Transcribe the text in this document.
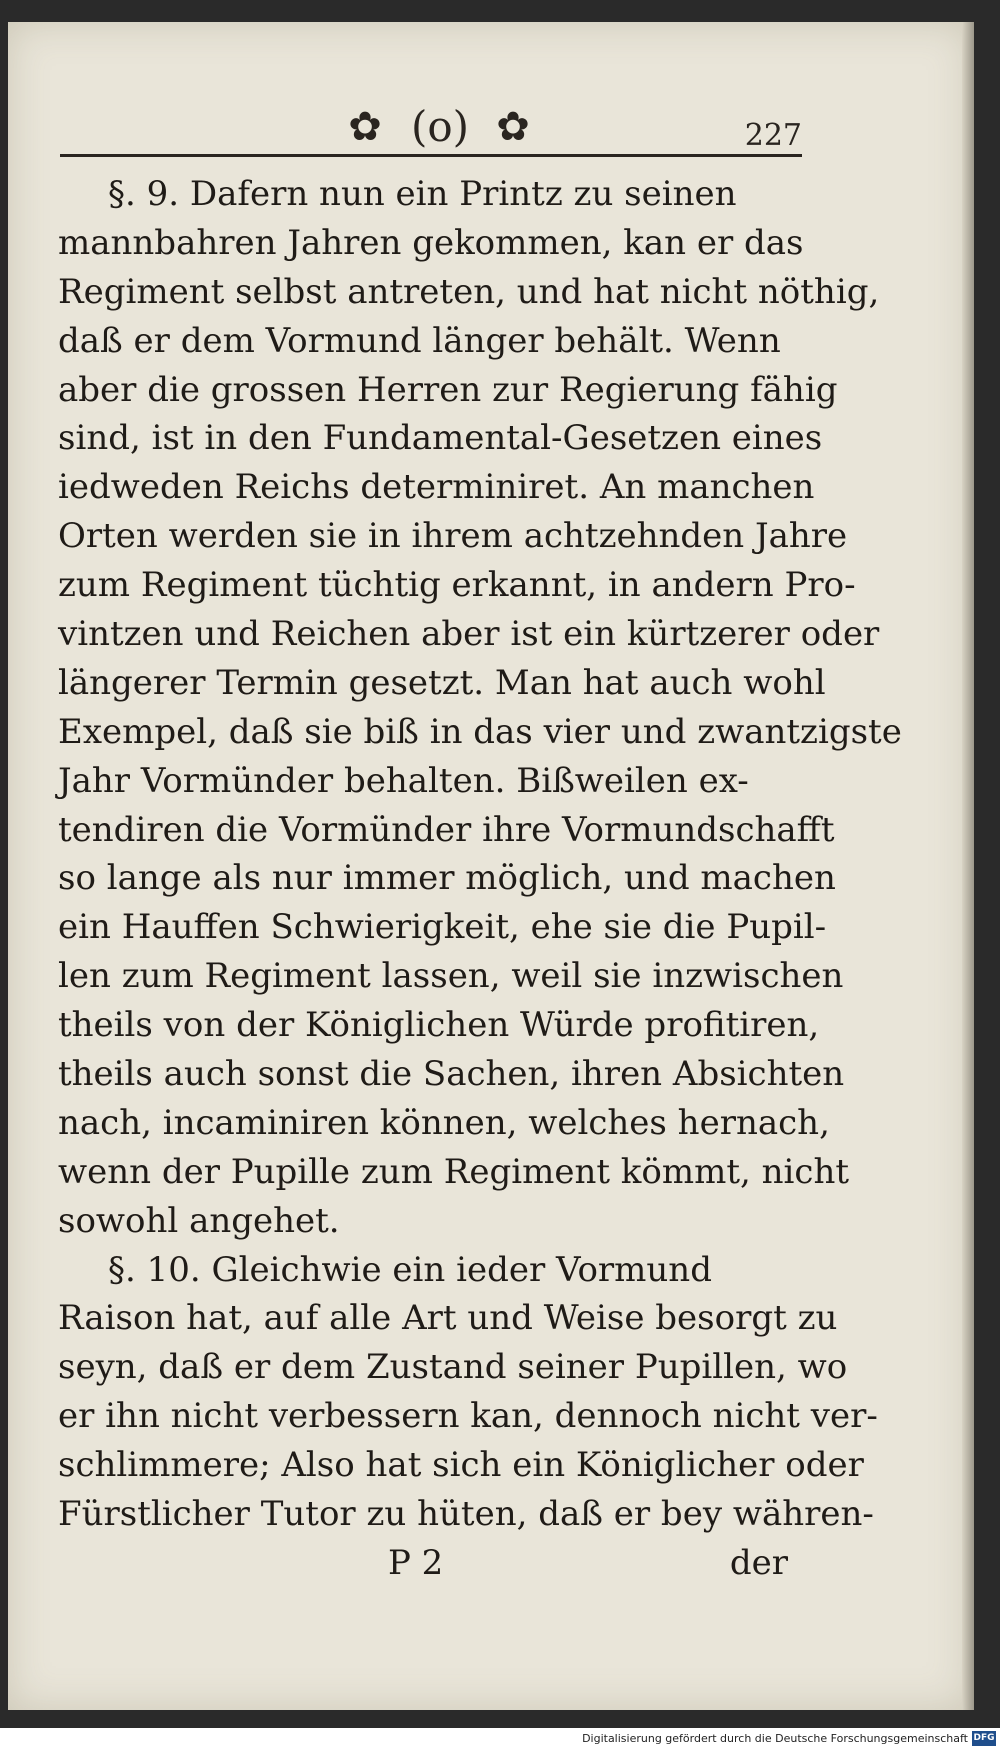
✿ (o) ✿	227
§. 9. Dafern nun ein Printz zu seinen
mannbahren Jahren gekommen, kan er das
Regiment selbst antreten, und hat nicht nöthig,
daß er dem Vormund länger behält. Wenn
aber die grossen Herren zur Regierung fähig
sind, ist in den Fundamental-Gesetzen eines
iedweden Reichs determiniret. An manchen
Orten werden sie in ihrem achtzehnden Jahre
zum Regiment tüchtig erkannt, in andern Pro-
vintzen und Reichen aber ist ein kürtzerer oder
längerer Termin gesetzt. Man hat auch wohl
Exempel, daß sie biß in das vier und zwantzigste
Jahr Vormünder behalten. Bißweilen ex-
tendiren die Vormünder ihre Vormundschafft
so lange als nur immer möglich, und machen
ein Hauffen Schwierigkeit, ehe sie die Pupil-
len zum Regiment lassen, weil sie inzwischen
theils von der Königlichen Würde profitiren,
theils auch sonst die Sachen, ihren Absichten
nach, incaminiren können, welches hernach,
wenn der Pupille zum Regiment kömmt, nicht
sowohl angehet.
§. 10. Gleichwie ein ieder Vormund
Raison hat, auf alle Art und Weise besorgt zu
seyn, daß er dem Zustand seiner Pupillen, wo
er ihn nicht verbessern kan, dennoch nicht ver-
schlimmere; Also hat sich ein Königlicher oder
Fürstlicher Tutor zu hüten, daß er bey währen-
P 2	der
Digitalisierung gefördert durch die Deutsche Forschungsgemeinschaft DFG
